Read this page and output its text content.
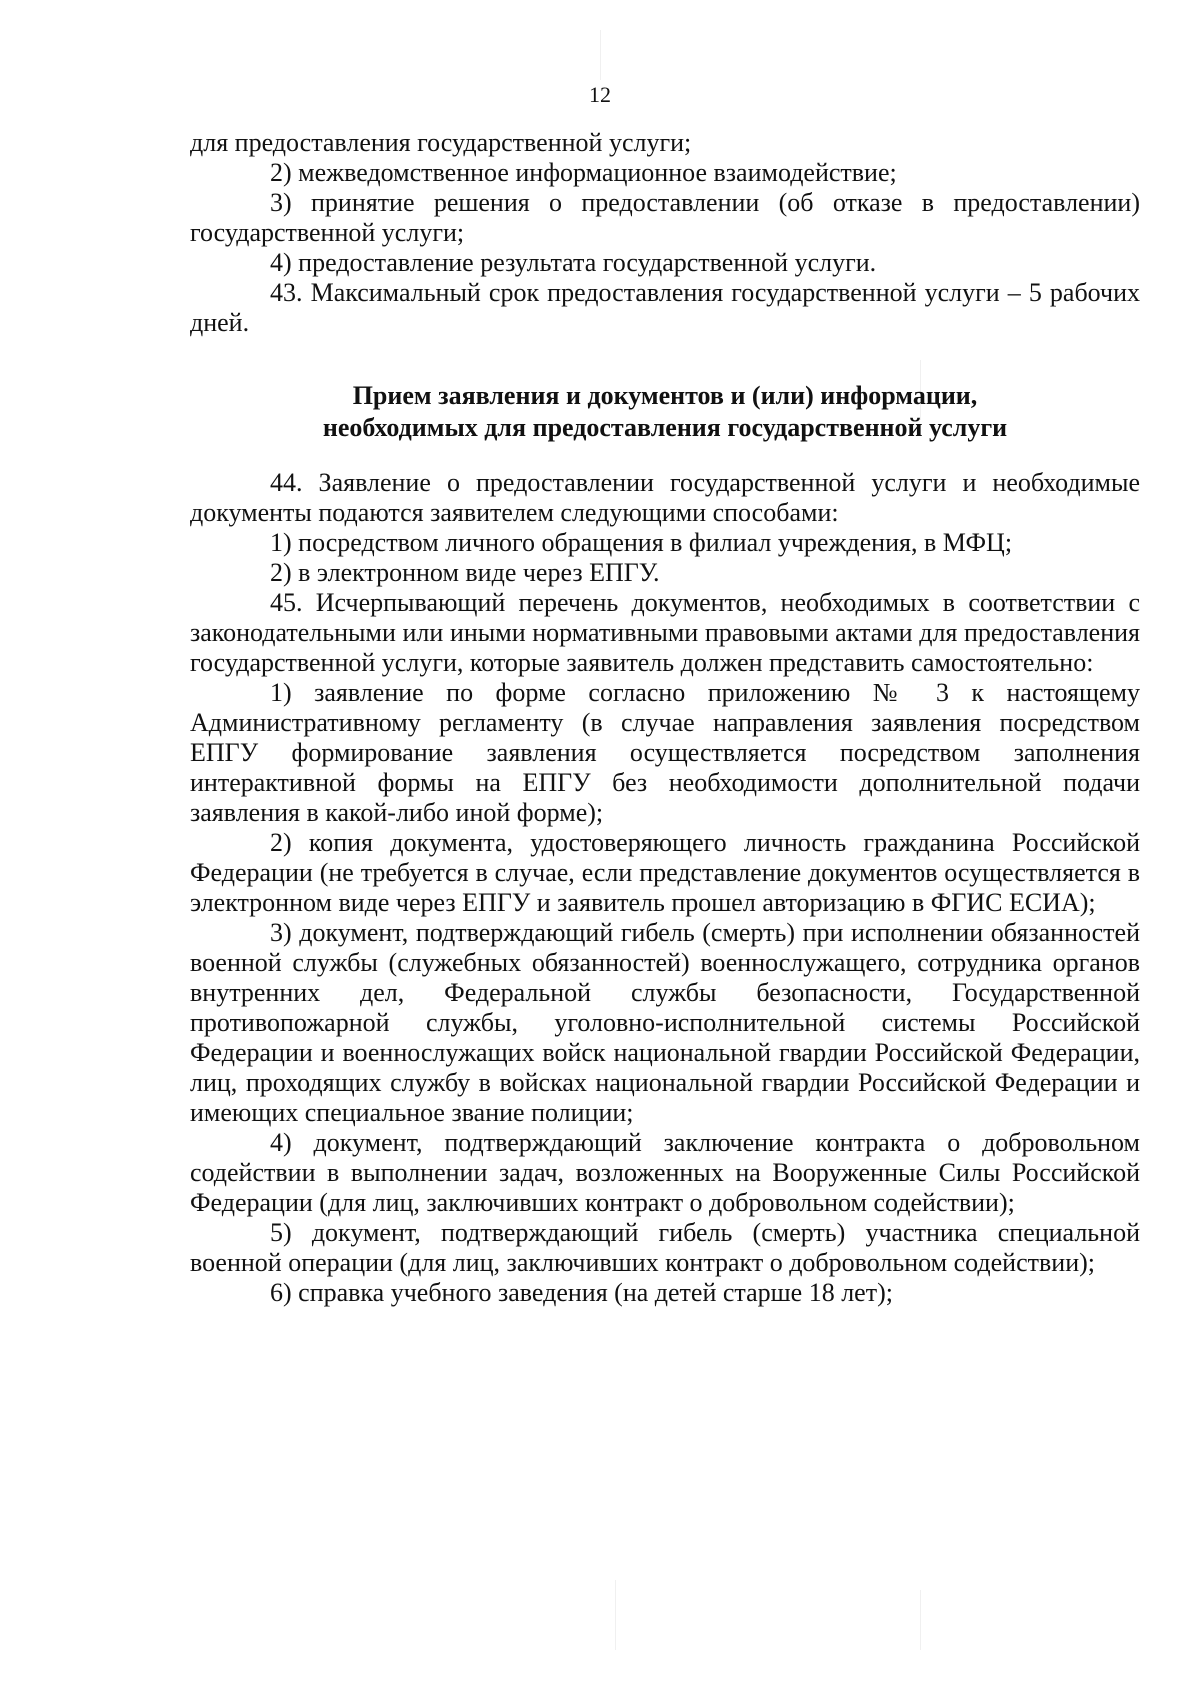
12

для предоставления государственной услуги;

2) межведомственное информационное взаимодействие;

3) принятие решения о предоставлении (об отказе в предоставлении) государственной услуги;

4) предоставление результата государственной услуги.

43. Максимальный срок предоставления государственной услуги – 5 рабочих дней.

Прием заявления и документов и (или) информации,
необходимых для предоставления государственной услуги

44. Заявление о предоставлении государственной услуги и необходимые документы подаются заявителем следующими способами:

1) посредством личного обращения в филиал учреждения, в МФЦ;

2) в электронном виде через ЕПГУ.

45. Исчерпывающий перечень документов, необходимых в соответствии с законодательными или иными нормативными правовыми актами для предоставления государственной услуги, которые заявитель должен представить самостоятельно:

1) заявление по форме согласно приложению № 3 к настоящему Административному регламенту (в случае направления заявления посредством ЕПГУ формирование заявления осуществляется посредством заполнения интерактивной формы на ЕПГУ без необходимости дополнительной подачи заявления в какой-либо иной форме);

2) копия документа, удостоверяющего личность гражданина Российской Федерации (не требуется в случае, если представление документов осуществляется в электронном виде через ЕПГУ и заявитель прошел авторизацию в ФГИС ЕСИА);

3) документ, подтверждающий гибель (смерть) при исполнении обязанностей военной службы (служебных обязанностей) военнослужащего, сотрудника органов внутренних дел, Федеральной службы безопасности, Государственной противопожарной службы, уголовно-исполнительной системы Российской Федерации и военнослужащих войск национальной гвардии Российской Федерации, лиц, проходящих службу в войсках национальной гвардии Российской Федерации и имеющих специальное звание полиции;

4) документ, подтверждающий заключение контракта о добровольном содействии в выполнении задач, возложенных на Вооруженные Силы Российской Федерации (для лиц, заключивших контракт о добровольном содействии);

5) документ, подтверждающий гибель (смерть) участника специальной военной операции (для лиц, заключивших контракт о добровольном содействии);

6) справка учебного заведения (на детей старше 18 лет);
